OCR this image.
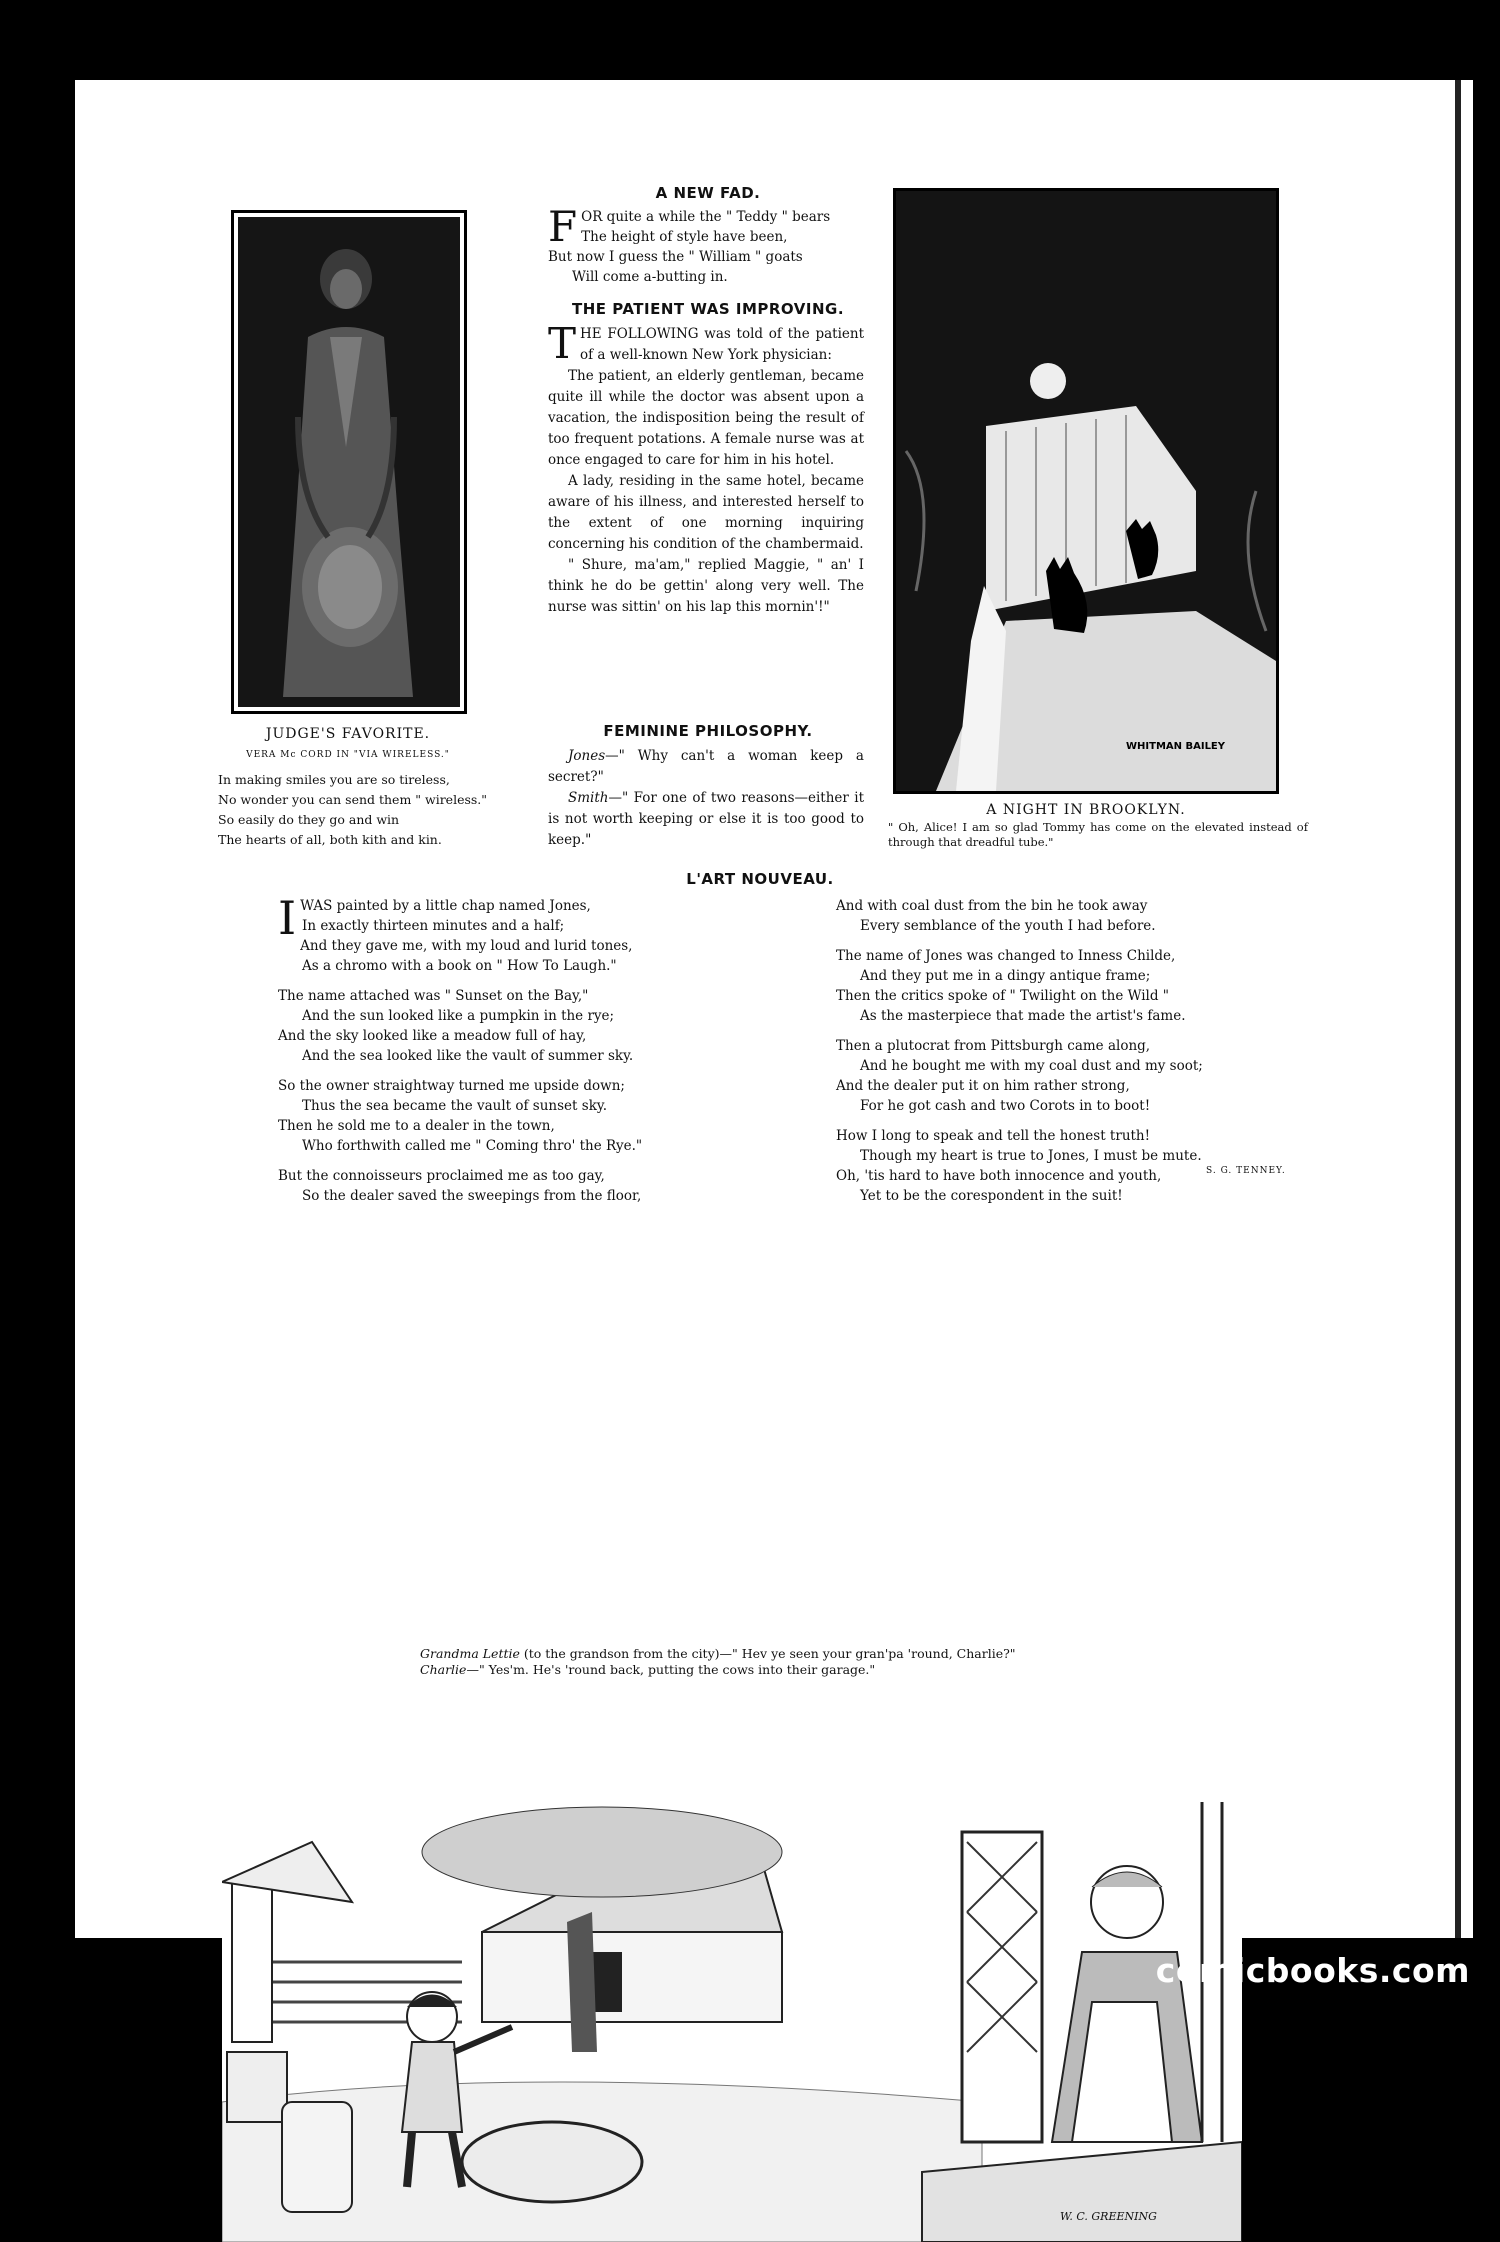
JUDGE'S FAVORITE.
VERA Mc CORD IN "VIA WIRELESS."
In making smiles you are so tireless,
No wonder you can send them " wireless."
So easily do they go and win
The hearts of all, both kith and kin.
A NEW FAD.
F OR quite a while the " Teddy " bears
The height of style have been,
But now I guess the " William " goats
Will come a-butting in.
THE PATIENT WAS IMPROVING.

THE FOLLOWING was told of the patient of a well-known New York physician:

The patient, an elderly gentleman, became quite ill while the doctor was absent upon a vacation, the indisposition being the result of too frequent potations. A female nurse was at once engaged to care for him in his hotel.

A lady, residing in the same hotel, became aware of his illness, and interested herself to the extent of one morning inquiring concerning his condition of the chambermaid.

" Shure, ma'am," replied Maggie, " an' I think he do be gettin' along very well. The nurse was sittin' on his lap this mornin'!"

FEMININE PHILOSOPHY.

Jones—" Why can't a woman keep a secret?"

Smith—" For one of two reasons—either it is not worth keeping or else it is too good to keep."

WHITMAN BAILEY
A NIGHT IN BROOKLYN.
" Oh, Alice! I am so glad Tommy has come on the elevated instead of through that dreadful tube."
L'ART NOUVEAU.
I WAS painted by a little chap named Jones,
In exactly thirteen minutes and a half;
And they gave me, with my loud and lurid tones,
As a chromo with a book on " How To Laugh."
The name attached was " Sunset on the Bay,"
And the sun looked like a pumpkin in the rye;
And the sky looked like a meadow full of hay,
And the sea looked like the vault of summer sky.
So the owner straightway turned me upside down;
Thus the sea became the vault of sunset sky.
Then he sold me to a dealer in the town,
Who forthwith called me " Coming thro' the Rye."
But the connoisseurs proclaimed me as too gay,
So the dealer saved the sweepings from the floor,
And with coal dust from the bin he took away
Every semblance of the youth I had before.
The name of Jones was changed to Inness Childe,
And they put me in a dingy antique frame;
Then the critics spoke of " Twilight on the Wild "
As the masterpiece that made the artist's fame.
Then a plutocrat from Pittsburgh came along,
And he bought me with my coal dust and my soot;
And the dealer put it on him rather strong,
For he got cash and two Corots in to boot!
How I long to speak and tell the honest truth!
Though my heart is true to Jones, I must be mute.
Oh, 'tis hard to have both innocence and youth,
Yet to be the corespondent in the suit!
S. G. TENNEY.
W. C. GREENING
Grandma Lettie (to the grandson from the city)—" Hev ye seen your gran'pa 'round, Charlie?"
Charlie—" Yes'm. He's 'round back, putting the cows into their garage."
comicbooks.com
